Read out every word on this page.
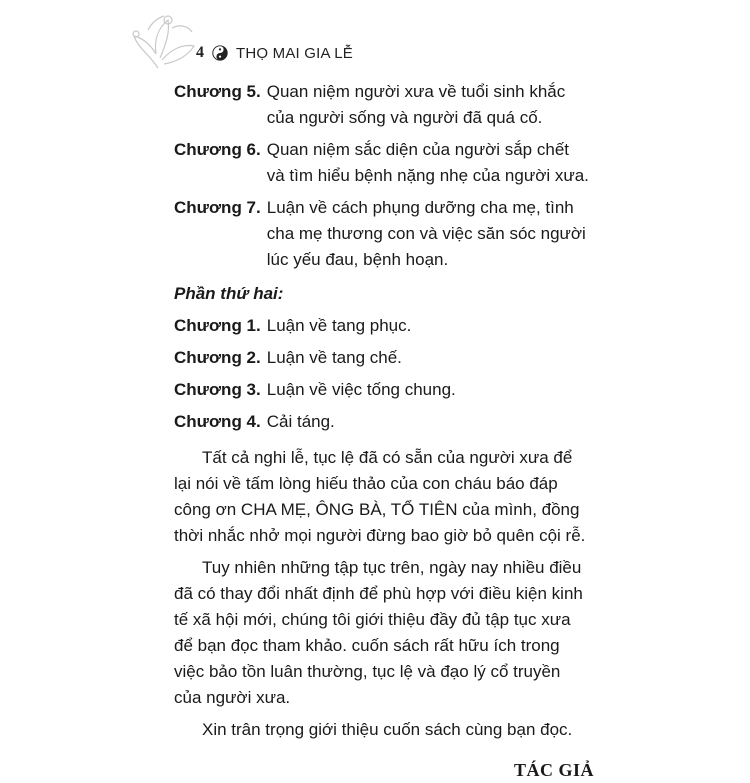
4 THỌ MAI GIA LỄ
Chương 5. Quan niệm người xưa về tuổi sinh khắc
của người sống và người đã quá cố.
Chương 6. Quan niệm sắc diện của người sắp chết
và tìm hiểu bệnh nặng nhẹ của người xưa.
Chương 7. Luận về cách phụng dưỡng cha mẹ, tình
cha mẹ thương con và việc săn sóc người
lúc yếu đau, bệnh hoạn.

Phần thứ hai:

Chương 1. Luận về tang phục.
Chương 2. Luận về tang chế.
Chương 3. Luận về việc tống chung.
Chương 4. Cải táng.

Tất cả nghi lễ, tục lệ đã có sẵn của người xưa để
lại nói về tấm lòng hiếu thảo của con cháu báo đáp
công ơn CHA MẸ, ÔNG BÀ, TỔ TIÊN của mình, đồng
thời nhắc nhở mọi người đừng bao giờ bỏ quên cội rễ.

Tuy nhiên những tập tục trên, ngày nay nhiều điều
đã có thay đổi nhất định để phù hợp với điều kiện kinh
tế xã hội mới, chúng tôi giới thiệu đầy đủ tập tục xưa
để bạn đọc tham khảo. cuốn sách rất hữu ích trong
việc bảo tồn luân thường, tục lệ và đạo lý cổ truyền
của người xưa.

Xin trân trọng giới thiệu cuốn sách cùng bạn đọc.

TÁC GIẢ
